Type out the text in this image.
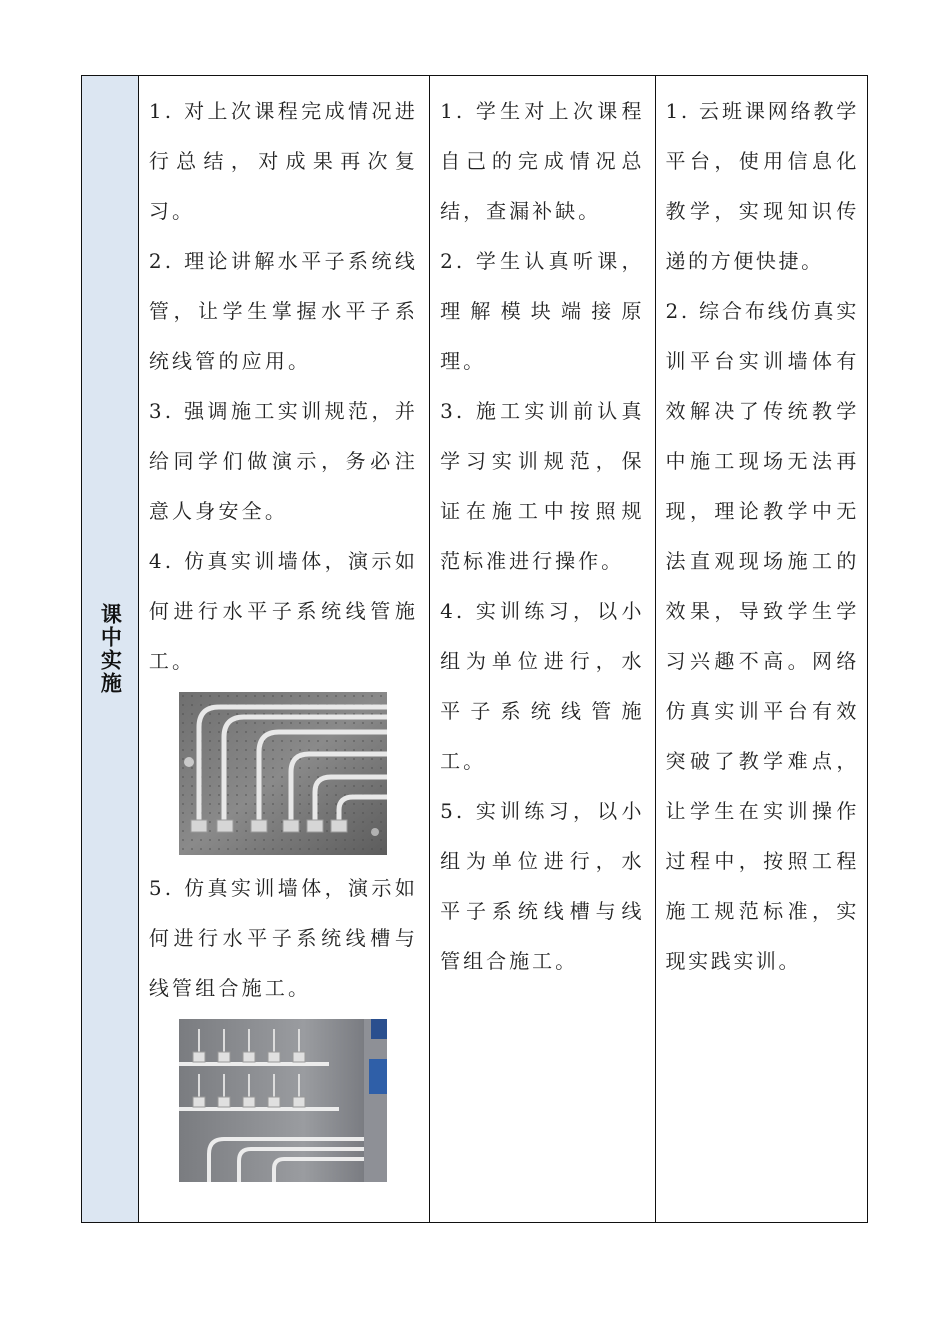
课中实施

1. 对上次课程完成情况进行总结，对成果再次复习。

2. 理论讲解水平子系统线管，让学生掌握水平子系统线管的应用。

3. 强调施工实训规范，并给同学们做演示，务必注意人身安全。

4. 仿真实训墙体，演示如何进行水平子系统线管施工。

5. 仿真实训墙体，演示如何进行水平子系统线槽与线管组合施工。

1. 学生对上次课程自己的完成情况总结，查漏补缺。

2. 学生认真听课，理解模块端接原理。

3. 施工实训前认真学习实训规范，保证在施工中按照规范标准进行操作。

4. 实训练习，以小组为单位进行，水平子系统线管施工。

5. 实训练习，以小组为单位进行，水平子系统线槽与线管组合施工。

1. 云班课网络教学平台，使用信息化教学，实现知识传递的方便快捷。

2. 综合布线仿真实训平台实训墙体有效解决了传统教学中施工现场无法再现，理论教学中无法直观现场施工的效果，导致学生学习兴趣不高。网络仿真实训平台有效突破了教学难点，让学生在实训操作过程中，按照工程施工规范标准，实现实践实训。
